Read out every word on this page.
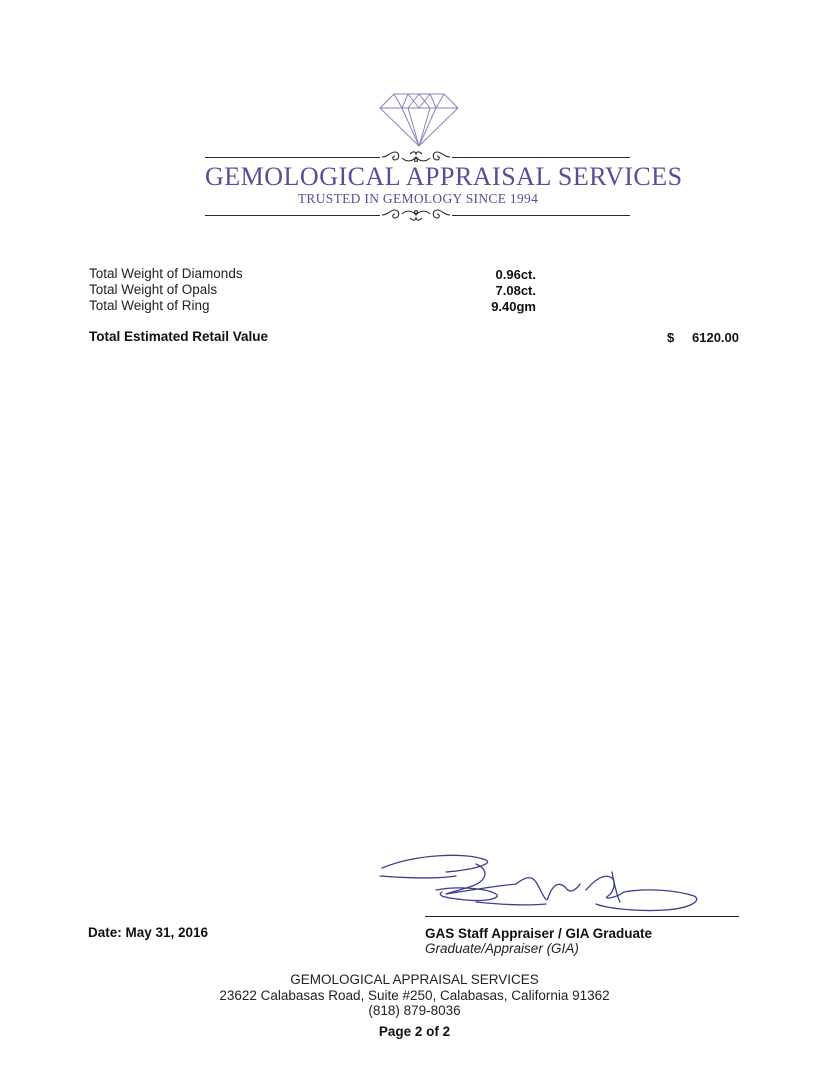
GEMOLOGICAL APPRAISAL SERVICES
TRUSTED IN GEMOLOGY SINCE 1994
Total Weight of Diamonds	0.96ct.
Total Weight of Opals	7.08ct.
Total Weight of Ring	9.40gm
Total Estimated Retail Value	$	6120.00
Date: May 31, 2016	GAS Staff Appraiser / GIA Graduate
Graduate/Appraiser (GIA)
GEMOLOGICAL APPRAISAL SERVICES
23622 Calabasas Road, Suite #250, Calabasas, California 91362
(818) 879-8036
Page 2 of 2
